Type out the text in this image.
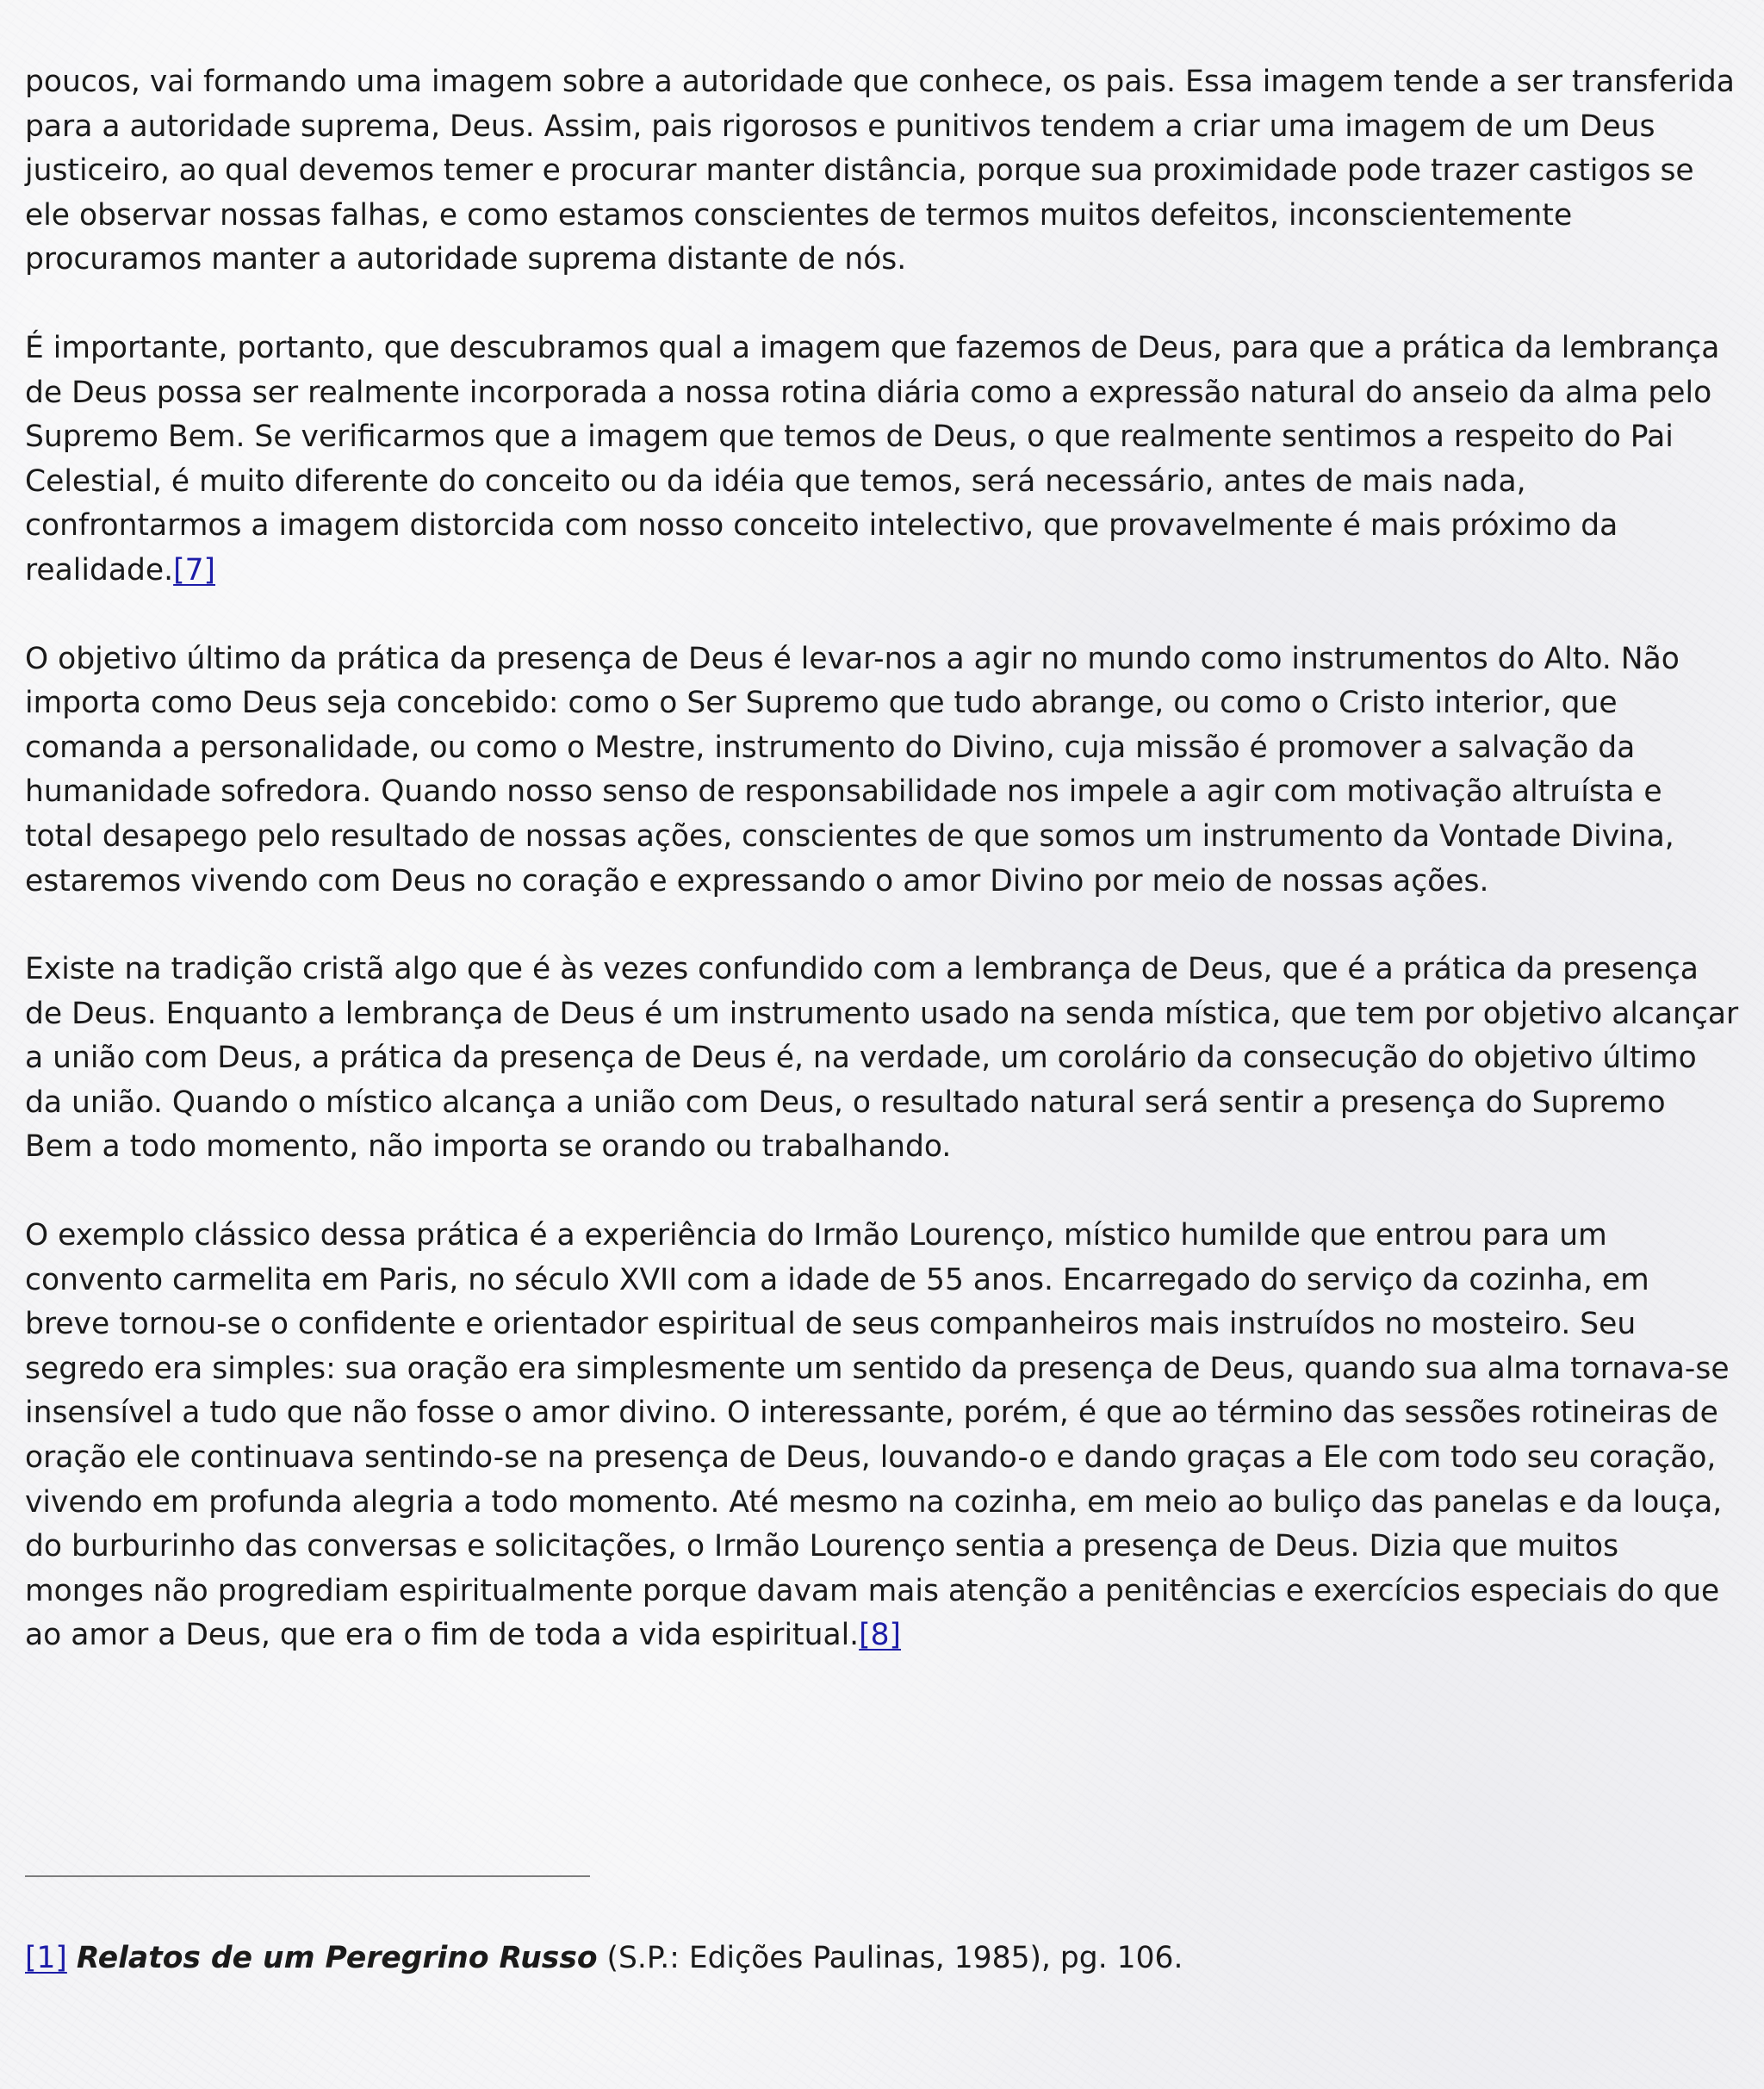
poucos, vai formando uma imagem sobre a autoridade que conhece, os pais. Essa imagem tende a ser transferida para a autoridade suprema, Deus. Assim, pais rigorosos e punitivos tendem a criar uma imagem de um Deus justiceiro, ao qual devemos temer e procurar manter distância, porque sua proximidade pode trazer castigos se ele observar nossas falhas, e como estamos conscientes de termos muitos defeitos, inconscientemente procuramos manter a autoridade suprema distante de nós.

É importante, portanto, que descubramos qual a imagem que fazemos de Deus, para que a prática da lembrança de Deus possa ser realmente incorporada a nossa rotina diária como a expressão natural do anseio da alma pelo Supremo Bem. Se verificarmos que a imagem que temos de Deus, o que realmente sentimos a respeito do Pai Celestial, é muito diferente do conceito ou da idéia que temos, será necessário, antes de mais nada, confrontarmos a imagem distorcida com nosso conceito intelectivo, que provavelmente é mais próximo da realidade.[7]

O objetivo último da prática da presença de Deus é levar-nos a agir no mundo como instrumentos do Alto. Não importa como Deus seja concebido: como o Ser Supremo que tudo abrange, ou como o Cristo interior, que comanda a personalidade, ou como o Mestre, instrumento do Divino, cuja missão é promover a salvação da humanidade sofredora. Quando nosso senso de responsabilidade nos impele a agir com motivação altruísta e total desapego pelo resultado de nossas ações, conscientes de que somos um instrumento da Vontade Divina, estaremos vivendo com Deus no coração e expressando o amor Divino por meio de nossas ações.

Existe na tradição cristã algo que é às vezes confundido com a lembrança de Deus, que é a prática da presença de Deus. Enquanto a lembrança de Deus é um instrumento usado na senda mística, que tem por objetivo alcançar a união com Deus, a prática da presença de Deus é, na verdade, um corolário da consecução do objetivo último da união. Quando o místico alcança a união com Deus, o resultado natural será sentir a presença do Supremo Bem a todo momento, não importa se orando ou trabalhando.

O exemplo clássico dessa prática é a experiência do Irmão Lourenço, místico humilde que entrou para um convento carmelita em Paris, no século XVII com a idade de 55 anos. Encarregado do serviço da cozinha, em breve tornou-se o confidente e orientador espiritual de seus companheiros mais instruídos no mosteiro. Seu segredo era simples: sua oração era simplesmente um sentido da presença de Deus, quando sua alma tornava-se insensível a tudo que não fosse o amor divino. O interessante, porém, é que ao término das sessões rotineiras de oração ele continuava sentindo-se na presença de Deus, louvando-o e dando graças a Ele com todo seu coração, vivendo em profunda alegria a todo momento. Até mesmo na cozinha, em meio ao buliço das panelas e da louça, do burburinho das conversas e solicitações, o Irmão Lourenço sentia a presença de Deus. Dizia que muitos monges não progrediam espiritualmente porque davam mais atenção a penitências e exercícios especiais do que ao amor a Deus, que era o fim de toda a vida espiritual.[8]

[1] Relatos de um Peregrino Russo (S.P.: Edições Paulinas, 1985), pg. 106.
